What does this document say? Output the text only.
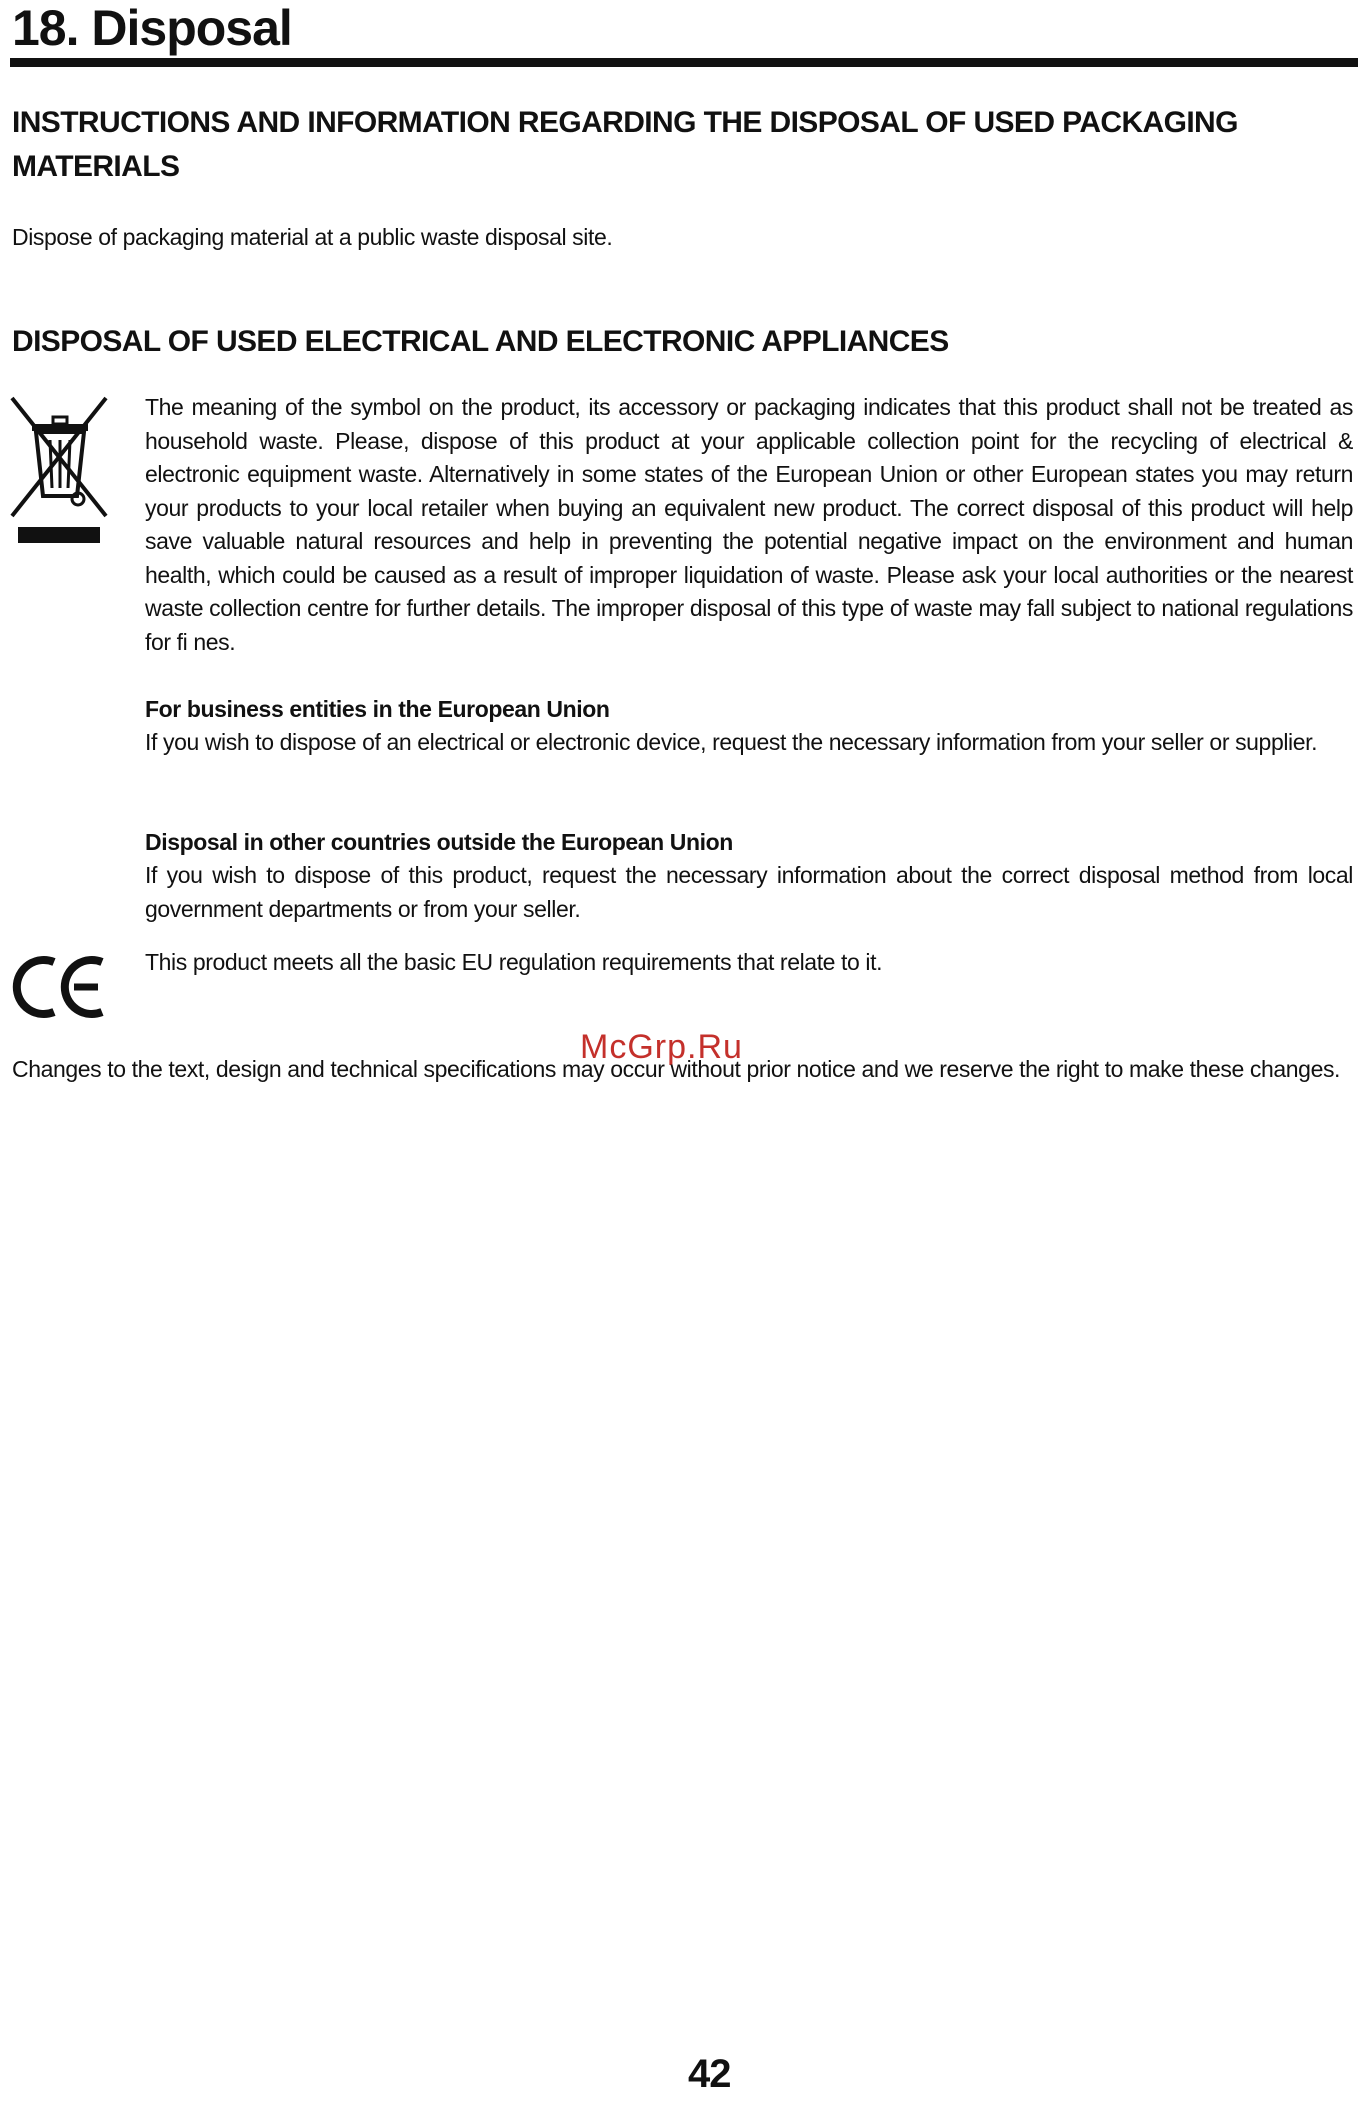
18. Disposal
INSTRUCTIONS AND INFORMATION REGARDING THE DISPOSAL OF USED PACKAGING MATERIALS

Dispose of packaging material at a public waste disposal site.

DISPOSAL OF USED ELECTRICAL AND ELECTRONIC APPLIANCES

The meaning of the symbol on the product, its accessory or packaging indicates that this product shall not be treated as household waste. Please, dispose of this product at your applicable collection point for the recycling of electrical & electronic equipment waste. Alternatively in some states of the European Union or other European states you may return your products to your local retailer when buying an equivalent new product. The correct disposal of this product will help save valuable natural resources and help in preventing the potential negative impact on the environment and human health, which could be caused as a result of improper liquidation of waste. Please ask your local authorities or the nearest waste collection centre for further details. The improper disposal of this type of waste may fall subject to national regulations for fi nes.

For business entities in the European Union

If you wish to dispose of an electrical or electronic device, request the necessary information from your seller or supplier.

Disposal in other countries outside the European Union

If you wish to dispose of this product, request the necessary information about the correct disposal method from local government departments or from your seller.

This product meets all the basic EU regulation requirements that relate to it.

McGrp.Ru

Changes to the text, design and technical specifications may occur without prior notice and we reserve the right to make these changes.

42
